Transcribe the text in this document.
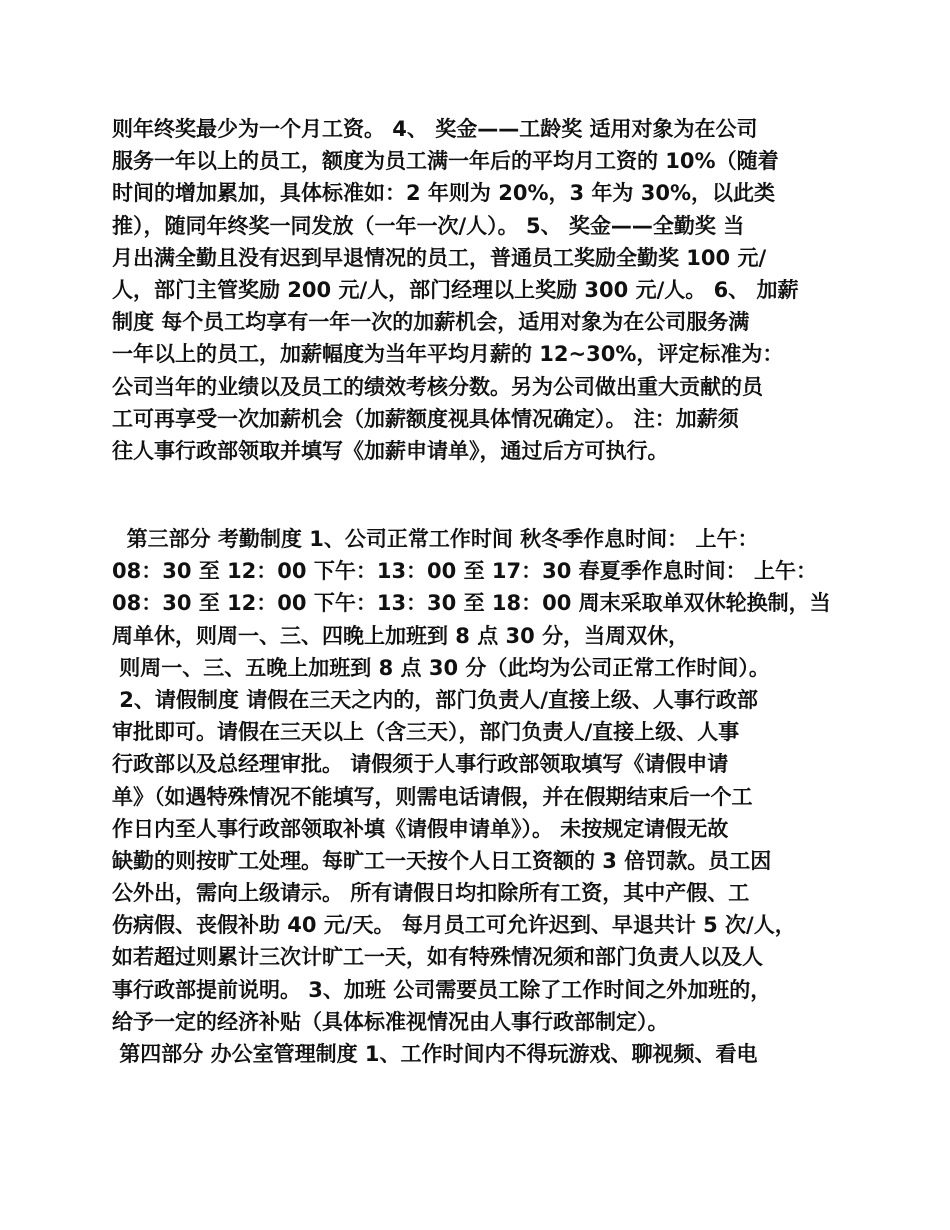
则年终奖最少为一个月工资。 4、 奖金——工龄奖 适用对象为在公司
服务一年以上的员工，额度为员工满一年后的平均月工资的 10%（随着
时间的增加累加，具体标准如：2 年则为 20%，3 年为 30%，以此类
推），随同年终奖一同发放（一年一次/人）。 5、 奖金——全勤奖 当
月出满全勤且没有迟到早退情况的员工，普通员工奖励全勤奖 100 元/
人，部门主管奖励 200 元/人，部门经理以上奖励 300 元/人。 6、 加薪
制度 每个员工均享有一年一次的加薪机会，适用对象为在公司服务满
一年以上的员工，加薪幅度为当年平均月薪的 12~30%，评定标准为：
公司当年的业绩以及员工的绩效考核分数。另为公司做出重大贡献的员
工可再享受一次加薪机会（加薪额度视具体情况确定）。 注：加薪须
往人事行政部领取并填写《加薪申请单》，通过后方可执行。
第三部分 考勤制度 1、公司正常工作时间 秋冬季作息时间： 上午：
08：30 至 12：00 下午：13：00 至 17：30 春夏季作息时间： 上午：
08：30 至 12：00 下午：13：30 至 18：00 周末采取单双休轮换制，当
周单休，则周一、三、四晚上加班到 8 点 30 分，当周双休，
则周一、三、五晚上加班到 8 点 30 分（此均为公司正常工作时间）。
2、请假制度 请假在三天之内的，部门负责人/直接上级、人事行政部
审批即可。请假在三天以上（含三天），部门负责人/直接上级、人事
行政部以及总经理审批。 请假须于人事行政部领取填写《请假申请
单》（如遇特殊情况不能填写，则需电话请假，并在假期结束后一个工
作日内至人事行政部领取补填《请假申请单》）。 未按规定请假无故
缺勤的则按旷工处理。每旷工一天按个人日工资额的 3 倍罚款。员工因
公外出，需向上级请示。 所有请假日均扣除所有工资，其中产假、工
伤病假、丧假补助 40 元/天。 每月员工可允许迟到、早退共计 5 次/人，
如若超过则累计三次计旷工一天，如有特殊情况须和部门负责人以及人
事行政部提前说明。 3、加班 公司需要员工除了工作时间之外加班的，
给予一定的经济补贴（具体标准视情况由人事行政部制定）。
第四部分 办公室管理制度 1、工作时间内不得玩游戏、聊视频、看电
